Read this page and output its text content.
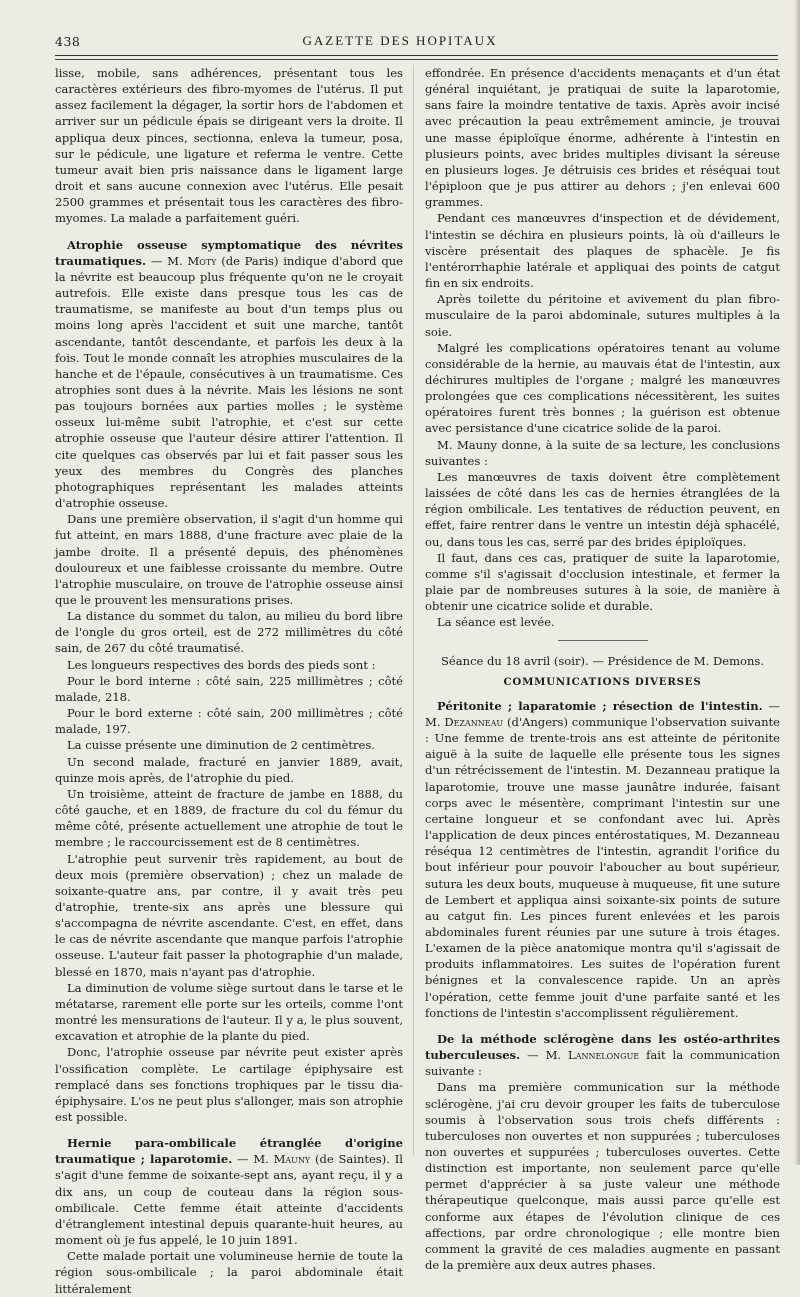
438	GAZETTE DES HOPITAUX

lisse, mobile, sans adhérences, présentant tous les caractères extérieurs des fibro-myomes de l'utérus. Il put assez facilement la dégager, la sortir hors de l'abdomen et arriver sur un pédicule épais se dirigeant vers la droite. Il appliqua deux pinces, sectionna, enleva la tumeur, posa, sur le pédicule, une ligature et referma le ventre. Cette tumeur avait bien pris naissance dans le ligament large droit et sans aucune connexion avec l'utérus. Elle pesait 2500 grammes et présentait tous les caractères des fibro-myomes. La malade a parfaitement guéri.

Atrophie osseuse symptomatique des névrites traumatiques. — M. Moty (de Paris) indique d'abord que la névrite est beaucoup plus fréquente qu'on ne le croyait autrefois. Elle existe dans presque tous les cas de traumatisme, se manifeste au bout d'un temps plus ou moins long après l'accident et suit une marche, tantôt ascendante, tantôt descendante, et parfois les deux à la fois. Tout le monde connaît les atrophies musculaires de la hanche et de l'épaule, consécutives à un traumatisme. Ces atrophies sont dues à la névrite. Mais les lésions ne sont pas toujours bornées aux parties molles ; le système osseux lui-même subit l'atrophie, et c'est sur cette atrophie osseuse que l'auteur désire attirer l'attention. Il cite quelques cas observés par lui et fait passer sous les yeux des membres du Congrès des planches photographiques représentant les malades atteints d'atrophie osseuse.

Dans une première observation, il s'agit d'un homme qui fut atteint, en mars 1888, d'une fracture avec plaie de la jambe droite. Il a présenté depuis, des phénomènes douloureux et une faiblesse croissante du membre. Outre l'atrophie musculaire, on trouve de l'atrophie osseuse ainsi que le prouvent les mensurations prises.

La distance du sommet du talon, au milieu du bord libre de l'ongle du gros orteil, est de 272 millimètres du côté sain, de 267 du côté traumatisé.

Les longueurs respectives des bords des pieds sont :

Pour le bord interne : côté sain, 225 millimètres ; côté malade, 218.

Pour le bord externe : côté sain, 200 millimètres ; côté malade, 197.

La cuisse présente une diminution de 2 centimètres.

Un second malade, fracturé en janvier 1889, avait, quinze mois après, de l'atrophie du pied.

Un troisième, atteint de fracture de jambe en 1888, du côté gauche, et en 1889, de fracture du col du fémur du même côté, présente actuellement une atrophie de tout le membre ; le raccourcissement est de 8 centimètres.

L'atrophie peut survenir très rapidement, au bout de deux mois (première observation) ; chez un malade de soixante-quatre ans, par contre, il y avait très peu d'atrophie, trente-six ans après une blessure qui s'accompagna de névrite ascendante. C'est, en effet, dans le cas de névrite ascendante que manque parfois l'atrophie osseuse. L'auteur fait passer la photographie d'un malade, blessé en 1870, mais n'ayant pas d'atrophie.

La diminution de volume siège surtout dans le tarse et le métatarse, rarement elle porte sur les orteils, comme l'ont montré les mensurations de l'auteur. Il y a, le plus souvent, excavation et atrophie de la plante du pied.

Donc, l'atrophie osseuse par névrite peut exister après l'ossification complète. Le cartilage épiphysaire est remplacé dans ses fonctions trophiques par le tissu dia-épiphysaire. L'os ne peut plus s'allonger, mais son atrophie est possible.

Hernie para-ombilicale étranglée d'origine traumatique ; laparotomie. — M. Mauny (de Saintes). Il s'agit d'une femme de soixante-sept ans, ayant reçu, il y a dix ans, un coup de couteau dans la région sous-ombilicale. Cette femme était atteinte d'accidents d'étranglement intestinal depuis quarante-huit heures, au moment où je fus appelé, le 10 juin 1891.

Cette malade portait une volumineuse hernie de toute la région sous-ombilicale ; la paroi abdominale était littéralement

effondrée. En présence d'accidents menaçants et d'un état général inquiétant, je pratiquai de suite la laparotomie, sans faire la moindre tentative de taxis. Après avoir incisé avec précaution la peau extrêmement amincie, je trouvai une masse épiploïque énorme, adhérente à l'intestin en plusieurs points, avec brides multiples divisant la séreuse en plusieurs loges. Je détruisis ces brides et réséquai tout l'épiploon que je pus attirer au dehors ; j'en enlevai 600 grammes.

Pendant ces manœuvres d'inspection et de dévidement, l'intestin se déchira en plusieurs points, là où d'ailleurs le viscère présentait des plaques de sphacèle. Je fis l'entérorrhaphie latérale et appliquai des points de catgut fin en six endroits.

Après toilette du péritoine et avivement du plan fibro-musculaire de la paroi abdominale, sutures multiples à la soie.

Malgré les complications opératoires tenant au volume considérable de la hernie, au mauvais état de l'intestin, aux déchirures multiples de l'organe ; malgré les manœuvres prolongées que ces complications nécessitèrent, les suites opératoires furent très bonnes ; la guérison est obtenue avec persistance d'une cicatrice solide de la paroi.

M. Mauny donne, à la suite de sa lecture, les conclusions suivantes :

Les manœuvres de taxis doivent être complètement laissées de côté dans les cas de hernies étranglées de la région ombilicale. Les tentatives de réduction peuvent, en effet, faire rentrer dans le ventre un intestin déjà sphacélé, ou, dans tous les cas, serré par des brides épiploïques.

Il faut, dans ces cas, pratiquer de suite la laparotomie, comme s'il s'agissait d'occlusion intestinale, et fermer la plaie par de nombreuses sutures à la soie, de manière à obtenir une cicatrice solide et durable.

La séance est levée.

Séance du 18 avril (soir). — Présidence de M. Demons.

COMMUNICATIONS DIVERSES

Péritonite ; laparatomie ; résection de l'intestin. — M. Dezanneau (d'Angers) communique l'observation suivante : Une femme de trente-trois ans est atteinte de péritonite aiguë à la suite de laquelle elle présente tous les signes d'un rétrécissement de l'intestin. M. Dezanneau pratique la laparotomie, trouve une masse jaunâtre indurée, faisant corps avec le mésentère, comprimant l'intestin sur une certaine longueur et se confondant avec lui. Après l'application de deux pinces entérostatiques, M. Dezanneau réséqua 12 centimètres de l'intestin, agrandit l'orifice du bout inférieur pour pouvoir l'aboucher au bout supérieur, sutura les deux bouts, muqueuse à muqueuse, fit une suture de Lembert et appliqua ainsi soixante-six points de suture au catgut fin. Les pinces furent enlevées et les parois abdominales furent réunies par une suture à trois étages. L'examen de la pièce anatomique montra qu'il s'agissait de produits inflammatoires. Les suites de l'opération furent bénignes et la convalescence rapide. Un an après l'opération, cette femme jouit d'une parfaite santé et les fonctions de l'intestin s'accomplissent régulièrement.

De la méthode sclérogène dans les ostéo-arthrites tuberculeuses. — M. Lannelongue fait la communication suivante :

Dans ma première communication sur la méthode sclérogène, j'ai cru devoir grouper les faits de tuberculose soumis à l'observation sous trois chefs différents : tuberculoses non ouvertes et non suppurées ; tuberculoses non ouvertes et suppurées ; tuberculoses ouvertes. Cette distinction est importante, non seulement parce qu'elle permet d'apprécier à sa juste valeur une méthode thérapeutique quelconque, mais aussi parce qu'elle est conforme aux étapes de l'évolution clinique de ces affections, par ordre chronologique ; elle montre bien comment la gravité de ces maladies augmente en passant de la première aux deux autres phases.
